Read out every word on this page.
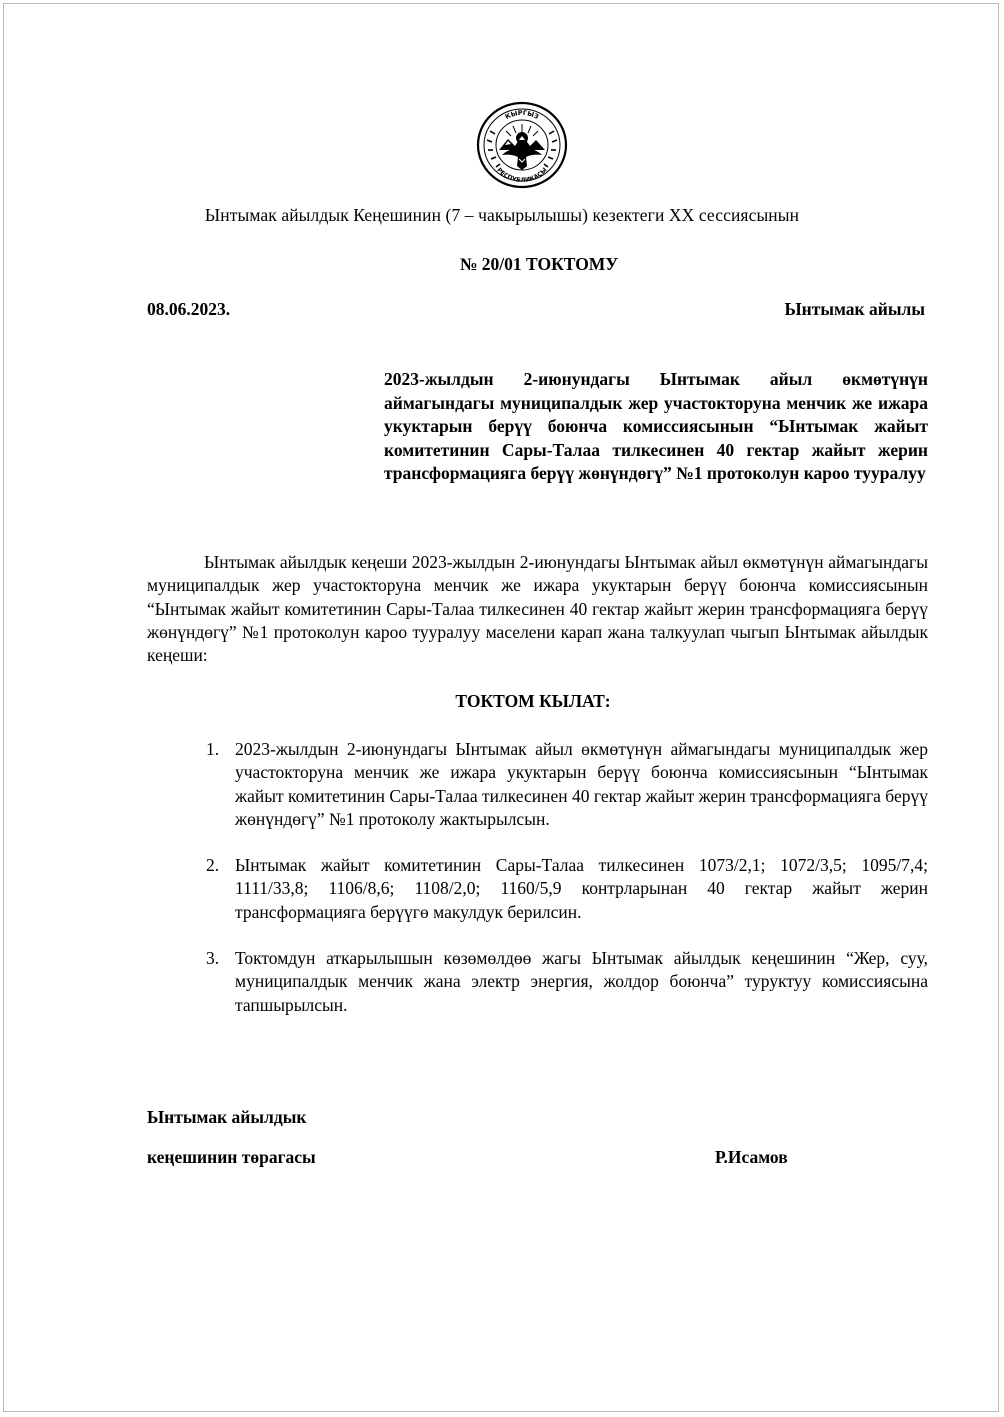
КЫРГЫЗ
РЕСПУБЛИКАСЫ
Ынтымак айылдык Кеңешинин (7 – чакырылышы) кезектеги XX сессиясынын
№ 20/01 ТОКТОМУ
08.06.2023.	Ынтымак айылы
2023-жылдын 2-июнундагы Ынтымак айыл өкмөтүнүн аймагындагы муниципалдык жер участокторуна менчик же ижара укуктарын берүү боюнча комиссиясынын “Ынтымак жайыт комитетинин Сары-Талаа тилкесинен 40 гектар жайыт жерин трансформацияга берүү жөнүндөгү” №1 протоколун карoo тууралуу
Ынтымак айылдык кеңеши 2023-жылдын 2-июнундагы Ынтымак айыл өкмөтүнүн аймагындагы муниципалдык жер участокторуна менчик же ижара укуктарын берүү боюнча комиссиясынын “Ынтымак жайыт комитетинин Сары-Талаа тилкесинен 40 гектар жайыт жерин трансформацияга берүү жөнүндөгү” №1 протоколун карoo тууралуу маселени карап жана талкуулап чыгып Ынтымак айылдык кеңеши:
ТОКТОМ КЫЛАТ:
1. 2023-жылдын 2-июнундагы Ынтымак айыл өкмөтүнүн аймагындагы муниципалдык жер участокторуна менчик же ижара укуктарын берүү боюнча комиссиясынын “Ынтымак жайыт комитетинин Сары-Талаа тилкесинен 40 гектар жайыт жерин трансформацияга берүү жөнүндөгү” №1 протоколу жактырылсын.
2. Ынтымак жайыт комитетинин Сары-Талаа тилкесинен 1073/2,1; 1072/3,5; 1095/7,4; 1111/33,8; 1106/8,6; 1108/2,0; 1160/5,9 контрларынан 40 гектар жайыт жерин трансформацияга берүүгө макулдук берилсин.
3. Токтомдун аткарылышын көзөмөлдөө жагы Ынтымак айылдык кеңешинин “Жер, суу, муниципалдык менчик жана электр энергия, жолдор боюнча” туруктуу комиссиясына тапшырылсын.
Ынтымак айылдык
кеңешинин төрагасы	Р.Исамов
